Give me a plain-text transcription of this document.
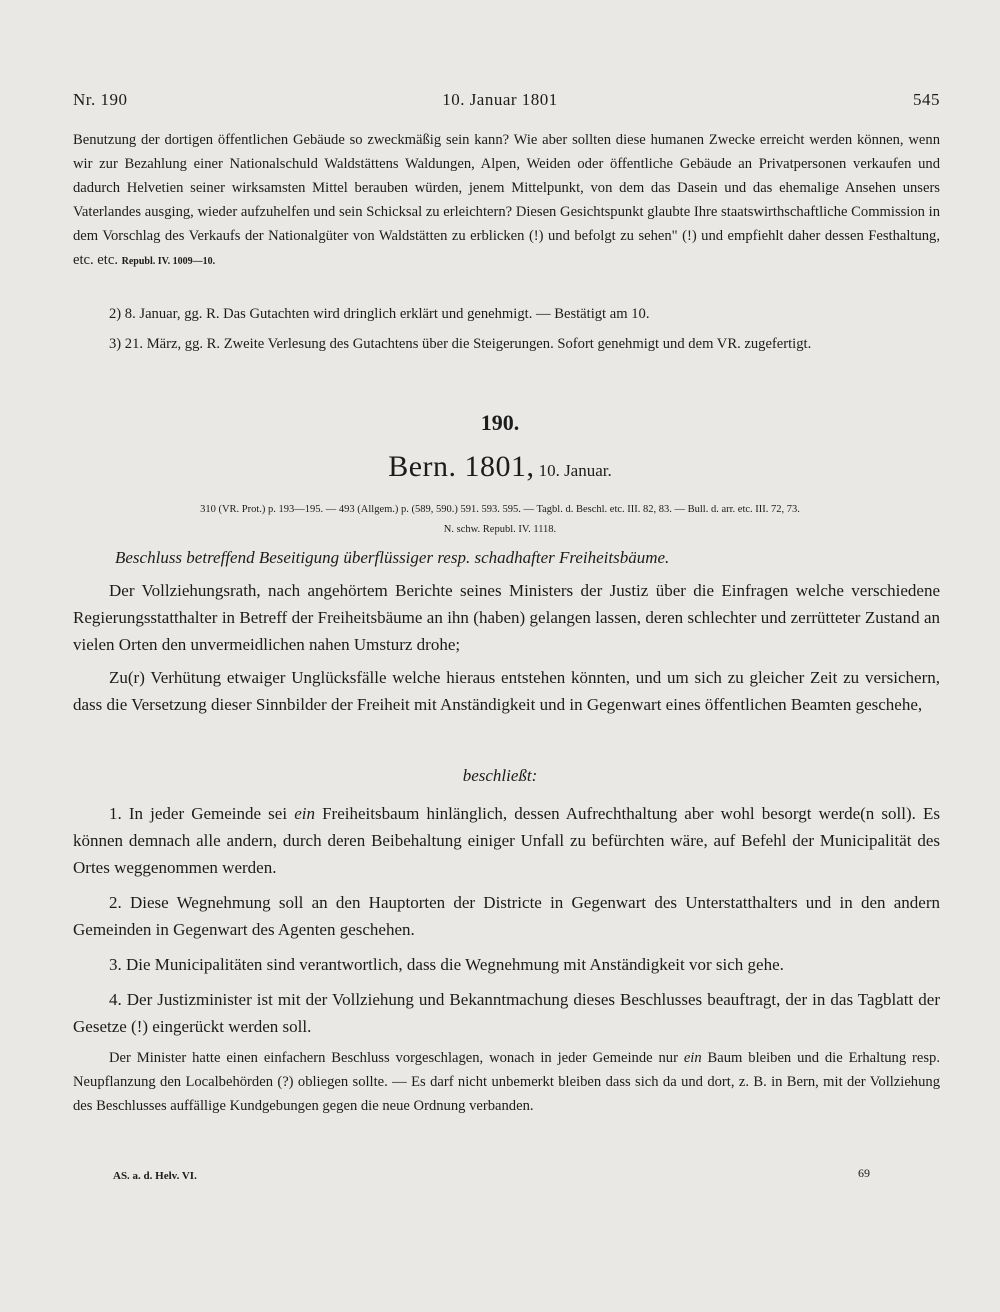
Nr. 190	10. Januar 1801	545
Benutzung der dortigen öffentlichen Gebäude so zweckmäßig sein kann? Wie aber sollten diese humanen Zwecke erreicht werden können, wenn wir zur Bezahlung einer Nationalschuld Waldstättens Waldungen, Alpen, Weiden oder öffentliche Gebäude an Privatpersonen verkaufen und dadurch Helvetien seiner wirksamsten Mittel berauben würden, jenem Mittelpunkt, von dem das Dasein und das ehemalige Ansehen unsers Vaterlandes ausging, wieder aufzuhelfen und sein Schicksal zu erleichtern? Diesen Gesichtspunkt glaubte Ihre staatswirthschaftliche Commission in dem Vorschlag des Verkaufs der Nationalgüter von Waldstätten zu erblicken (!) und befolgt zu sehen" (!) und empfiehlt daher dessen Festhaltung, etc. etc. Republ. IV. 1009—10.
2) 8. Januar, gg. R. Das Gutachten wird dringlich erklärt und genehmigt. — Bestätigt am 10.
3) 21. März, gg. R. Zweite Verlesung des Gutachtens über die Steigerungen. Sofort genehmigt und dem VR. zugefertigt.
190.
Bern. 1801, 10. Januar.
310 (VR. Prot.) p. 193—195. — 493 (Allgem.) p. (589, 590.) 591. 593. 595. — Tagbl. d. Beschl. etc. III. 82, 83. — Bull. d. arr. etc. III. 72, 73.
N. schw. Republ. IV. 1118.
Beschluss betreffend Beseitigung überflüssiger resp. schadhafter Freiheitsbäume.
Der Vollziehungsrath, nach angehörtem Berichte seines Ministers der Justiz über die Einfragen welche verschiedene Regierungsstatthalter in Betreff der Freiheitsbäume an ihn (haben) gelangen lassen, deren schlechter und zerrütteter Zustand an vielen Orten den unvermeidlichen nahen Umsturz drohe;
Zu(r) Verhütung etwaiger Unglücksfälle welche hieraus entstehen könnten, und um sich zu gleicher Zeit zu versichern, dass die Versetzung dieser Sinnbilder der Freiheit mit Anständigkeit und in Gegenwart eines öffentlichen Beamten geschehe,
beschließt:
1. In jeder Gemeinde sei ein Freiheitsbaum hinlänglich, dessen Aufrechthaltung aber wohl besorgt werde(n soll). Es können demnach alle andern, durch deren Beibehaltung einiger Unfall zu befürchten wäre, auf Befehl der Municipalität des Ortes weggenommen werden.
2. Diese Wegnehmung soll an den Hauptorten der Districte in Gegenwart des Unterstatthalters und in den andern Gemeinden in Gegenwart des Agenten geschehen.
3. Die Municipalitäten sind verantwortlich, dass die Wegnehmung mit Anständigkeit vor sich gehe.
4. Der Justizminister ist mit der Vollziehung und Bekanntmachung dieses Beschlusses beauftragt, der in das Tagblatt der Gesetze (!) eingerückt werden soll.
Der Minister hatte einen einfachern Beschluss vorgeschlagen, wonach in jeder Gemeinde nur ein Baum bleiben und die Erhaltung resp. Neupflanzung den Localbehörden (?) obliegen sollte. — Es darf nicht unbemerkt bleiben dass sich da und dort, z. B. in Bern, mit der Vollziehung des Beschlusses auffällige Kundgebungen gegen die neue Ordnung verbanden.
AS. a. d. Helv. VI.	69
